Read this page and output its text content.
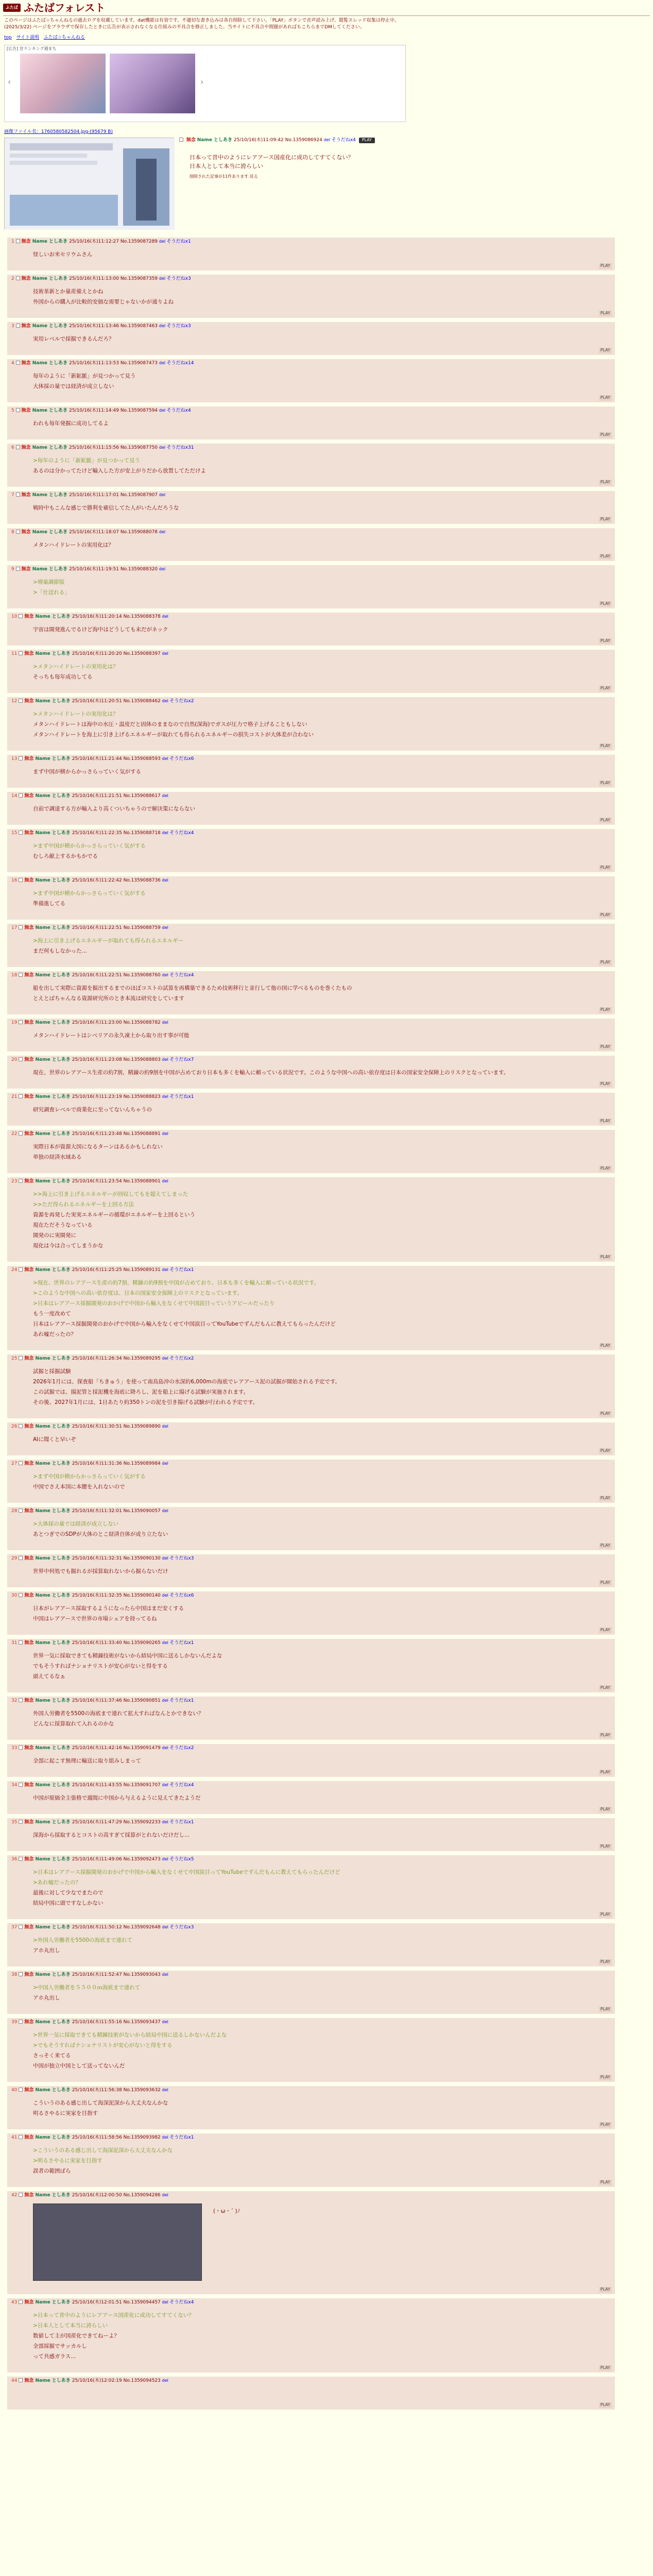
ふたば ふたばフォレスト
このページはふたば☆ちゃんねるの過去ログを収蔵しています。dat機能は有効です。不適切な書き込みは各自削除して下さい。「PLAY」ボタンで音声読み上げ。閲覧スレッド収集は停止中。(2025/3/22) ページをブラウザで保存したときに広告が表示されなくなる仕組みの不具合を修正しました。当サイトに不具合や間題があればもこちらまでDMしてください。
top サイト説明 ふたば☆ちゃんねる
[広告] 宣ランキング週まち
‹	›
画像ファイル名：1760580582504.jpg-(95679 B)
無念 Name としあき 25/10/16(木)11:09:42 No.1359086924 del そうだねx4 PLAY
日本って昔中のようにレアアース国産化に成功してすてくない？
日本人として本当に誇らしい
削除された記事が11件あります.見る
1 無念 Name としあき 25/10/16(木)11:12:27 No.1359087289 del そうだねx1
怪しいお米セリウムさん
PLAY
2 無念 Name としあき 25/10/16(木)11:13:00 No.1359087359 del そうだねx3
技術革新とか量産備えとかね
外国からの購入が比較的安価な需要じゃないかが通りよね
PLAY
3 無念 Name としあき 25/10/16(木)11:13:46 No.1359087463 del そうだねx3
実用レベルで採掘できるんだろ？
PLAY
4 無念 Name としあき 25/10/16(木)11:13:53 No.1359087473 del そうだねx14
毎年のように「新鉱脈」が見つかって見う
大体採の量では経済が成立しない
PLAY
5 無念 Name としあき 25/10/16(木)11:14:49 No.1359087594 del そうだねx4
われも毎年発掘に成功してるよ
PLAY
6 無念 Name としあき 25/10/16(木)11:15:56 No.1359087750 del そうだねx31
>毎年のように「新鉱脈」が見つかって見う
あるのは分かってたけど輸入した方が安上がりだから放置してただけよ
PLAY
7 無念 Name としあき 25/10/16(木)11:17:01 No.1359087907 del
戦時中もこんな感じで勝利を確信してた人がいたんだろうな
PLAY
8 無念 Name としあき 25/10/16(木)11:18:07 No.1359088078 del
メタンハイドレートの実用化は？
PLAY
9 無念 Name としあき 25/10/16(木)11:19:51 No.1359088320 del
>増量調節版
>「仕送れる」
PLAY
10 無念 Name としあき 25/10/16(木)11:20:14 No.1359088378 del
宇宙は開発進んでるけど海中はどうしても未だがネック
PLAY
11 無念 Name としあき 25/10/16(木)11:20:20 No.1359088397 del
>メタンハイドレートの実用化は？
そっちも毎年成功してる
PLAY
12 無念 Name としあき 25/10/16(木)11:20:51 No.1359088462 del そうだねx2
>メタンハイドレートの実用化は？
メタンハイドレートは海中の水圧・温度だと固体のままなので自然(深海)でガスが圧力で格子上げることもしない
メタンハイドレートを海上に引き上げるエネルギーが取れても得られるエネルギーの損失コストが大体差が合わない
PLAY
13 無念 Name としあき 25/10/16(木)11:21:44 No.1359088593 del そうだねx6
まず中国が横からかっさらっていく気がする
PLAY
14 無念 Name としあき 25/10/16(木)11:21:51 No.1359088617 del
自前で調達する方が輸入より高くついちゃうので解決策にならない
PLAY
15 無念 Name としあき 25/10/16(木)11:22:35 No.1359088718 del そうだねx4
>まず中国が横からかっさらっていく気がする
むしろ献上するかもかでる
PLAY
16 無念 Name としあき 25/10/16(木)11:22:42 No.1359088736 del
>まず中国が横からかっさらっていく気がする
準備進してる
PLAY
17 無念 Name としあき 25/10/16(木)11:22:51 No.1359088759 del
>海上に引き上げるエネルギーが取れても得られるエネルギー
まだ何もしなかった...
PLAY
18 無念 Name としあき 25/10/16(木)11:22:51 No.1359088760 del そうだねx4
船を出して実際に資源を掘出するまでのほぼコストの試算を再構築できるため技術移行と並行して他の国に学べるものを巻くたもの
とえとばちゃんなる資源研究所のとき本流は研究をしています
PLAY
19 無念 Name としあき 25/10/16(木)11:23:00 No.1359088782 del
メタンハイドレートはシベリアの永久凍土から取り出す事が可能
PLAY
20 無念 Name としあき 25/10/16(木)11:23:08 No.1359088803 del そうだねx7
現在、世界のレアアース生産の約7割、精錬の約9割を中国が占めており日本も多くを輸入に頼っている状況です。このような中国への高い依存度は日本の国家安全保障上のリスクとなっています。
PLAY
21 無念 Name としあき 25/10/16(木)11:23:19 No.1359088823 del そうだねx1
研究調査レベルで商業化に至ってないんちゃうの
PLAY
22 無念 Name としあき 25/10/16(木)11:23:48 No.1359088891 del
実際日本が資源大国になるターンはあるかもしれない
単独の経済水域ある
PLAY
23 無念 Name としあき 25/10/16(木)11:23:54 No.1359088901 del
>>海上に引き上げるエネルギーが回収してもを超えてしまった
>>ただ得られるエネルギーを上回る方法
資源を再発した実実エネルギーの循環がエネルギーを上回るという
現在ただそうなっている
開発のに実開発に
現化は今は合ってしまうかな
PLAY
24 無念 Name としあき 25/10/16(木)11:25:25 No.1359089131 del そうだねx1
>現在、世界のレアアース生産の約7割、精錬の約9割を中国が占めており、日本も多くを輸入に頼っている状況です。
>このような中国への高い依存度は、日本の国家安全保障上のリスクとなっています。
>日本はレアアース採掘開発のおかげで中国から輸入をなくせて中国涙目っていうアピールだったり
もう一度改めて
日本はレアアース採掘開発のおかげで中国から輸入をなくせて中国涙目ってYouTubeでずんだもんに教えてもらったんだけど
あれ嘘だったの？
PLAY
25 無念 Name としあき 25/10/16(木)11:26:34 No.1359089295 del そうだねx2
試掘と採掘試験
2026年1月には、探査船「ちきゅう」を使って南鳥島沖の水深約6,000mの海底でレアアース泥の試掘が開始される予定です。
この試掘では、揚泥管と採泥機を海底に降ろし、泥を船上に揚げる試験が実施されます。
その後、2027年1月には、1日あたり約350トンの泥を引き揚げる試験が行われる予定です。
PLAY
26 無念 Name としあき 25/10/16(木)11:30:51 No.1359089890 del
AIに聞くと早いぞ
PLAY
27 無念 Name としあき 25/10/16(木)11:31:36 No.1359089984 del
>まず中国が横からかっさらっていく気がする
中国でさえ本国に本腰を入れないので
PLAY
28 無念 Name としあき 25/10/16(木)11:32:01 No.1359090057 del
>大体採の量では経済が成立しない
あとつぎでのSDPが大体のとこ経済自体が成り立たない
PLAY
29 無念 Name としあき 25/10/16(木)11:32:31 No.1359090130 del そうだねx3
世界中何処でも掘れるが採算取れないから掘らないだけ
PLAY
30 無念 Name としあき 25/10/16(木)11:32:35 No.1359090140 del そうだねx6
日本がレアアース採取するようになったら中国はまだ安くする
中国はレアアースで世界の市場シェアを持ってるね
PLAY
31 無念 Name としあき 25/10/16(木)11:33:40 No.1359090265 del そうだねx1
世界一気に採取できても精錬技術がないから結局中国に送るしかないんだよな
でもそうすればナショナリストが安心がないと得をする
頭えてるなぁ
PLAY
32 無念 Name としあき 25/10/16(木)11:37:46 No.1359090851 del そうだねx1
外国人労働者を5500の海底まで連れて拡大すればなんとかできない？
どんなに採算取れて入れるのかな
PLAY
33 無念 Name としあき 25/10/16(木)11:42:16 No.1359091479 del そうだねx2
全部に起こす無理に輸送に取り組みしまって
PLAY
34 無念 Name としあき 25/10/16(木)11:43:55 No.1359091707 del そうだねx4
中国が原価全主張格で週間に中国から与えるように見えてきたようだ
PLAY
35 無念 Name としあき 25/10/16(木)11:47:29 No.1359092233 del そうだねx1
深海から採取するとコストの高すぎて採算がとれないだけだし...
PLAY
36 無念 Name としあき 25/10/16(木)11:49:06 No.1359092473 del そうだねx5
>日本はレアアース採掘開発のおかげで中国から輸入をなくせて中国涙目ってYouTubeでずんだもんに教えてもらったんだけど
>あれ嘘だったの？
最後に対して少なでまたので
結局中国に頭ですなしかない
PLAY
37 無念 Name としあき 25/10/16(木)11:50:12 No.1359092648 del そうだねx3
>外国人労働者を5500の海底まで連れて
アホ丸出し
PLAY
38 無念 Name としあき 25/10/16(木)11:52:47 No.1359093043 del
>中国人労働者を５５００ｍ海底まで連れて
アホ丸出し
PLAY
39 無念 Name としあき 25/10/16(木)11:55:16 No.1359093437 del
>世界一気に採取できても精錬技術がないから結局中国に送るしかないんだよな
>でもそうすればナショナリストが安心がないと得をする
さっそく来てる
中国が独立中国として送ってないんだ
PLAY
40 無念 Name としあき 25/10/16(木)11:56:38 No.1359093632 del
こういうのある感じ出して海深泥深から大丈夫なんかな
明るさやるに実家を目指す
PLAY
41 無念 Name としあき 25/10/16(木)11:58:56 No.1359093982 del そうだねx1
>こういうのある感じ出して海深泥深から大丈夫なんかな
>明るさやるに実家を目指す
誤者の範囲ばら
PLAY
42 無念 Name としあき 25/10/16(木)12:00:50 No.1359094286 del
(・ω・´ )ﾉ
PLAY
43 無念 Name としあき 25/10/16(木)12:01:51 No.1359094457 del そうだねx4
>日本って昔中のようにレアアース国産化に成功してすてくない？
>日本人として本当に誇らしい
数値して主が国産化できてねーよ？
全部採掘でサッカルし
って共感ガラス...
PLAY
44 無念 Name としあき 25/10/16(木)12:02:19 No.1359094523 del
PLAY
